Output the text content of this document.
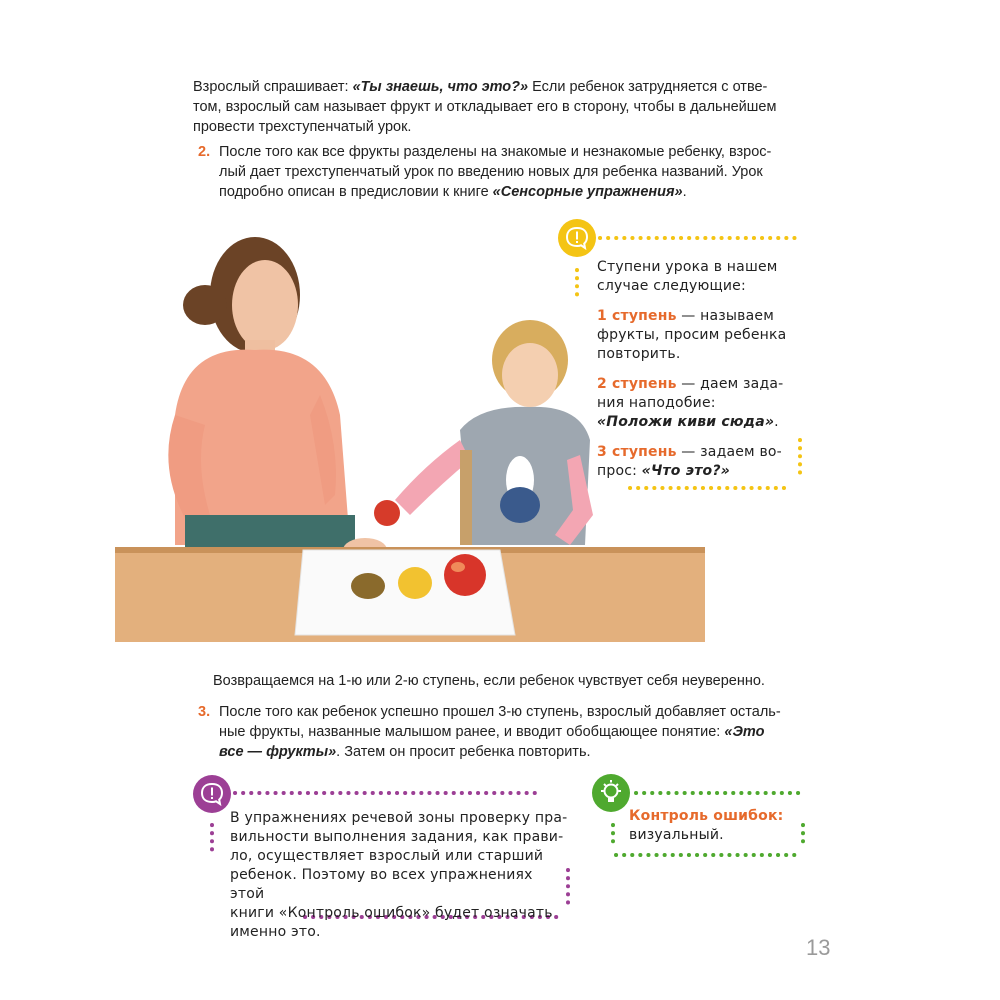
Взрослый спрашивает: «Ты знаешь, что это?» Если ребенок затрудняется с отве-
том, взрослый сам называет фрукт и откладывает его в сторону, чтобы в дальнейшем
провести трехступенчатый урок.
2. После того как все фрукты разделены на знакомые и незнакомые ребенку, взрос-
лый дает трехступенчатый урок по введению новых для ребенка названий. Урок
подробно описан в предисловии к книге «Сенсорные упражнения».

Ступени урока в нашем случае следующие:

1 ступень — называем фрукты, просим ребенка повторить.

2 ступень — даем зада-ния наподобие: «Положи киви сюда».

3 ступень — задаем во-прос: «Что это?»

Возвращаемся на 1-ю или 2-ю ступень, если ребенок чувствует себя неуверенно.
3. После того как ребенок успешно прошел 3-ю ступень, взрослый добавляет осталь-
ные фрукты, названные малышом ранее, и вводит обобщающее понятие: «Это
все — фрукты». Затем он просит ребенка повторить.
В упражнениях речевой зоны проверку пра-
вильности выполнения задания, как прави-
ло, осуществляет взрослый или старший
ребенок. Поэтому во всех упражнениях этой
книги «Контроль ошибок» будет означать
именно это.
Контроль ошибок:
визуальный.
13
